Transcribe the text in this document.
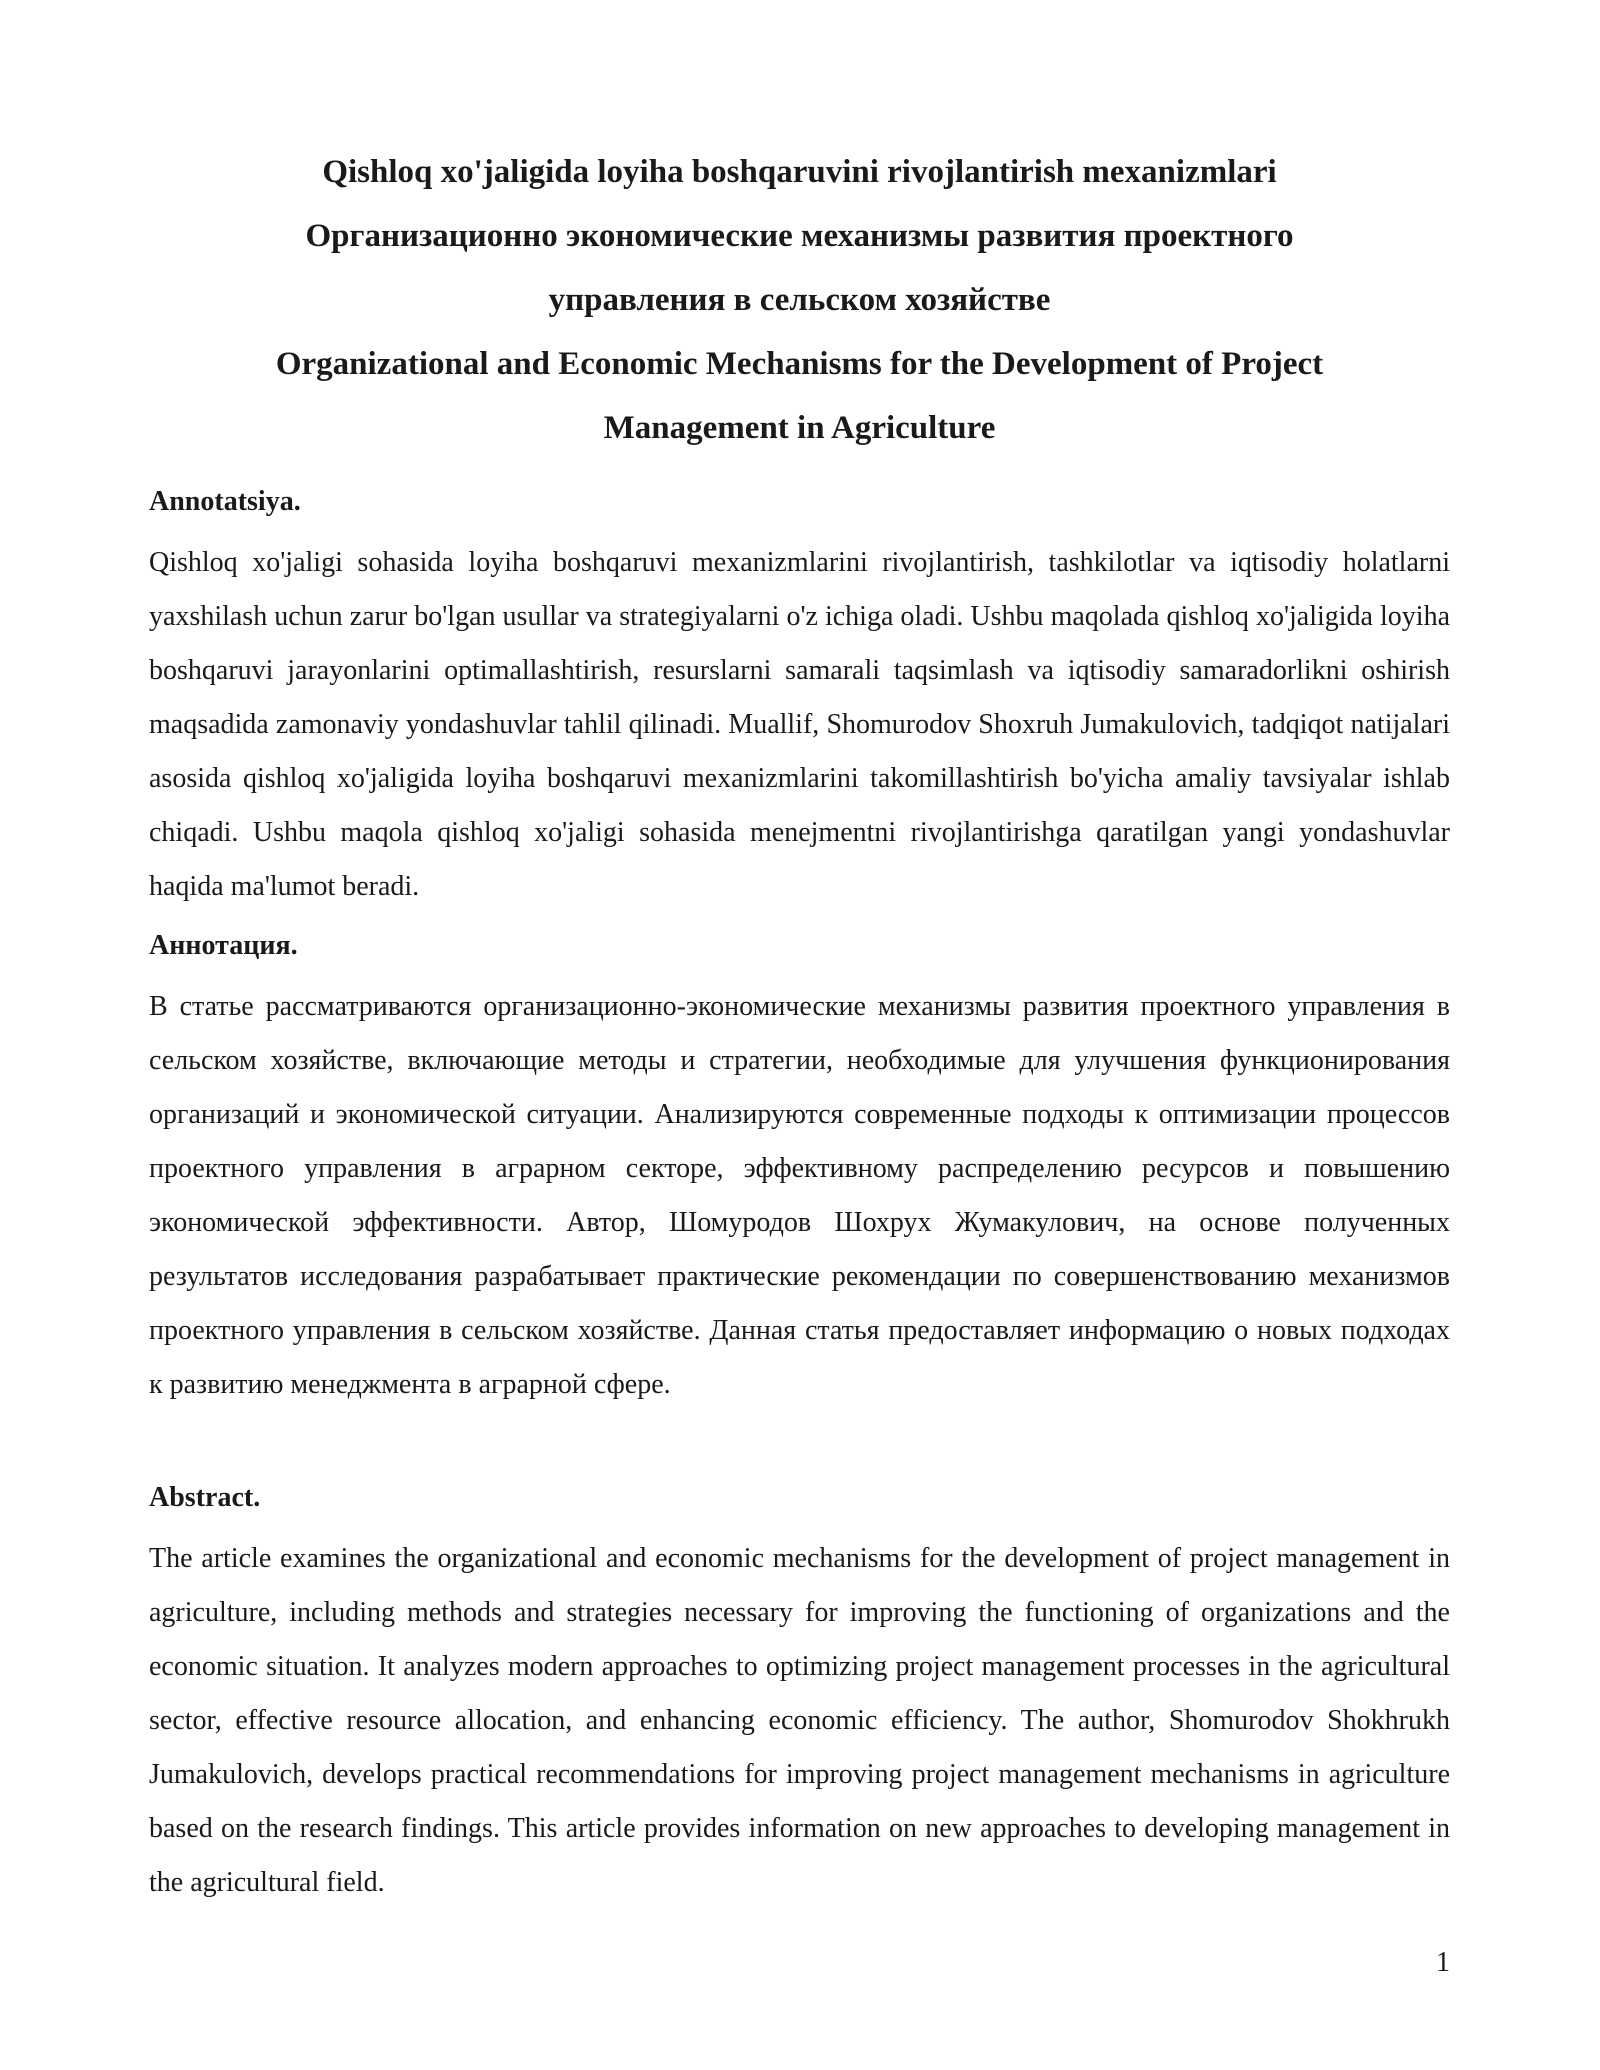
Qishloq xo'jaligida loyiha boshqaruvini rivojlantirish mexanizmlari

Организационно экономические механизмы развития проектного

управления в сельском хозяйстве

Organizational and Economic Mechanisms for the Development of Project

Management in Agriculture

Annotatsiya.

Qishloq xo'jaligi sohasida loyiha boshqaruvi mexanizmlarini rivojlantirish, tashkilotlar va iqtisodiy holatlarni yaxshilash uchun zarur bo'lgan usullar va strategiyalarni o'z ichiga oladi. Ushbu maqolada qishloq xo'jaligida loyiha boshqaruvi jarayonlarini optimallashtirish, resurslarni samarali taqsimlash va iqtisodiy samaradorlikni oshirish maqsadida zamonaviy yondashuvlar tahlil qilinadi. Muallif, Shomurodov Shoxruh Jumakulovich, tadqiqot natijalari asosida qishloq xo'jaligida loyiha boshqaruvi mexanizmlarini takomillashtirish bo'yicha amaliy tavsiyalar ishlab chiqadi. Ushbu maqola qishloq xo'jaligi sohasida menejmentni rivojlantirishga qaratilgan yangi yondashuvlar haqida ma'lumot beradi.

Аннотация.

В статье рассматриваются организационно-экономические механизмы развития проектного управления в сельском хозяйстве, включающие методы и стратегии, необходимые для улучшения функционирования организаций и экономической ситуации. Анализируются современные подходы к оптимизации процессов проектного управления в аграрном секторе, эффективному распределению ресурсов и повышению экономической эффективности. Автор, Шомуродов Шохрух Жумакулович, на основе полученных результатов исследования разрабатывает практические рекомендации по совершенствованию механизмов проектного управления в сельском хозяйстве. Данная статья предоставляет информацию о новых подходах к развитию менеджмента в аграрной сфере.

Abstract.

The article examines the organizational and economic mechanisms for the development of project management in agriculture, including methods and strategies necessary for improving the functioning of organizations and the economic situation. It analyzes modern approaches to optimizing project management processes in the agricultural sector, effective resource allocation, and enhancing economic efficiency. The author, Shomurodov Shokhrukh Jumakulovich, develops practical recommendations for improving project management mechanisms in agriculture based on the research findings. This article provides information on new approaches to developing management in the agricultural field.

1
